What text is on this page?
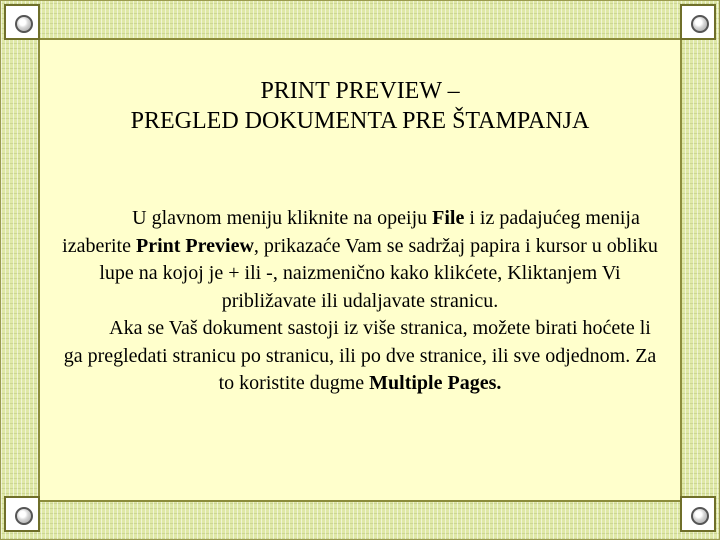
PRINT PREVIEW –
PREGLED DOKUMENTA PRE ŠTAMPANJA
U glavnom meniju kliknite na opeiju File i iz padajućeg menija izaberite Print Preview, prikazaće Vam se sadržaj papira i kursor u obliku lupe na kojoj je + ili -, naizmenično kako klikćete, Kliktanjem Vi približavate ili udaljavate stranicu.
Aka se Vaš dokument sastoji iz više stranica, možete birati hoćete li ga pregledati stranicu po stranicu, ili po dve stranice, ili sve odjednom. Za to koristite dugme Multiple Pages.
